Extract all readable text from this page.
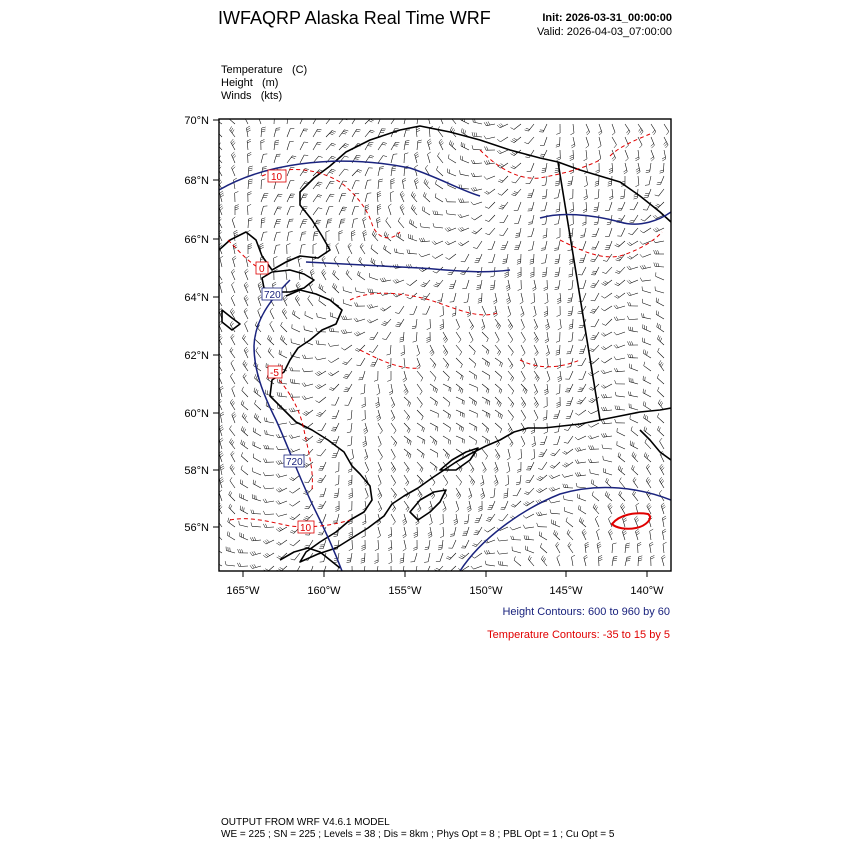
IWFAQRP Alaska Real Time WRF	Init: 2026-03-31_00:00:00
Valid: 2026-04-03_07:00:00
Temperature (C)
Height (m)
Winds (kts)
10
0
720
-5
720
10
70°N
68°N
66°N
64°N
62°N
60°N
58°N
56°N
165°W	160°W	155°W	150°W	145°W	140°W
Height Contours: 600 to 960 by 60
Temperature Contours: -35 to 15 by 5
OUTPUT FROM WRF V4.6.1 MODEL
WE = 225 ; SN = 225 ; Levels = 38 ; Dis = 8km ; Phys Opt = 8 ; PBL Opt = 1 ; Cu Opt = 5
